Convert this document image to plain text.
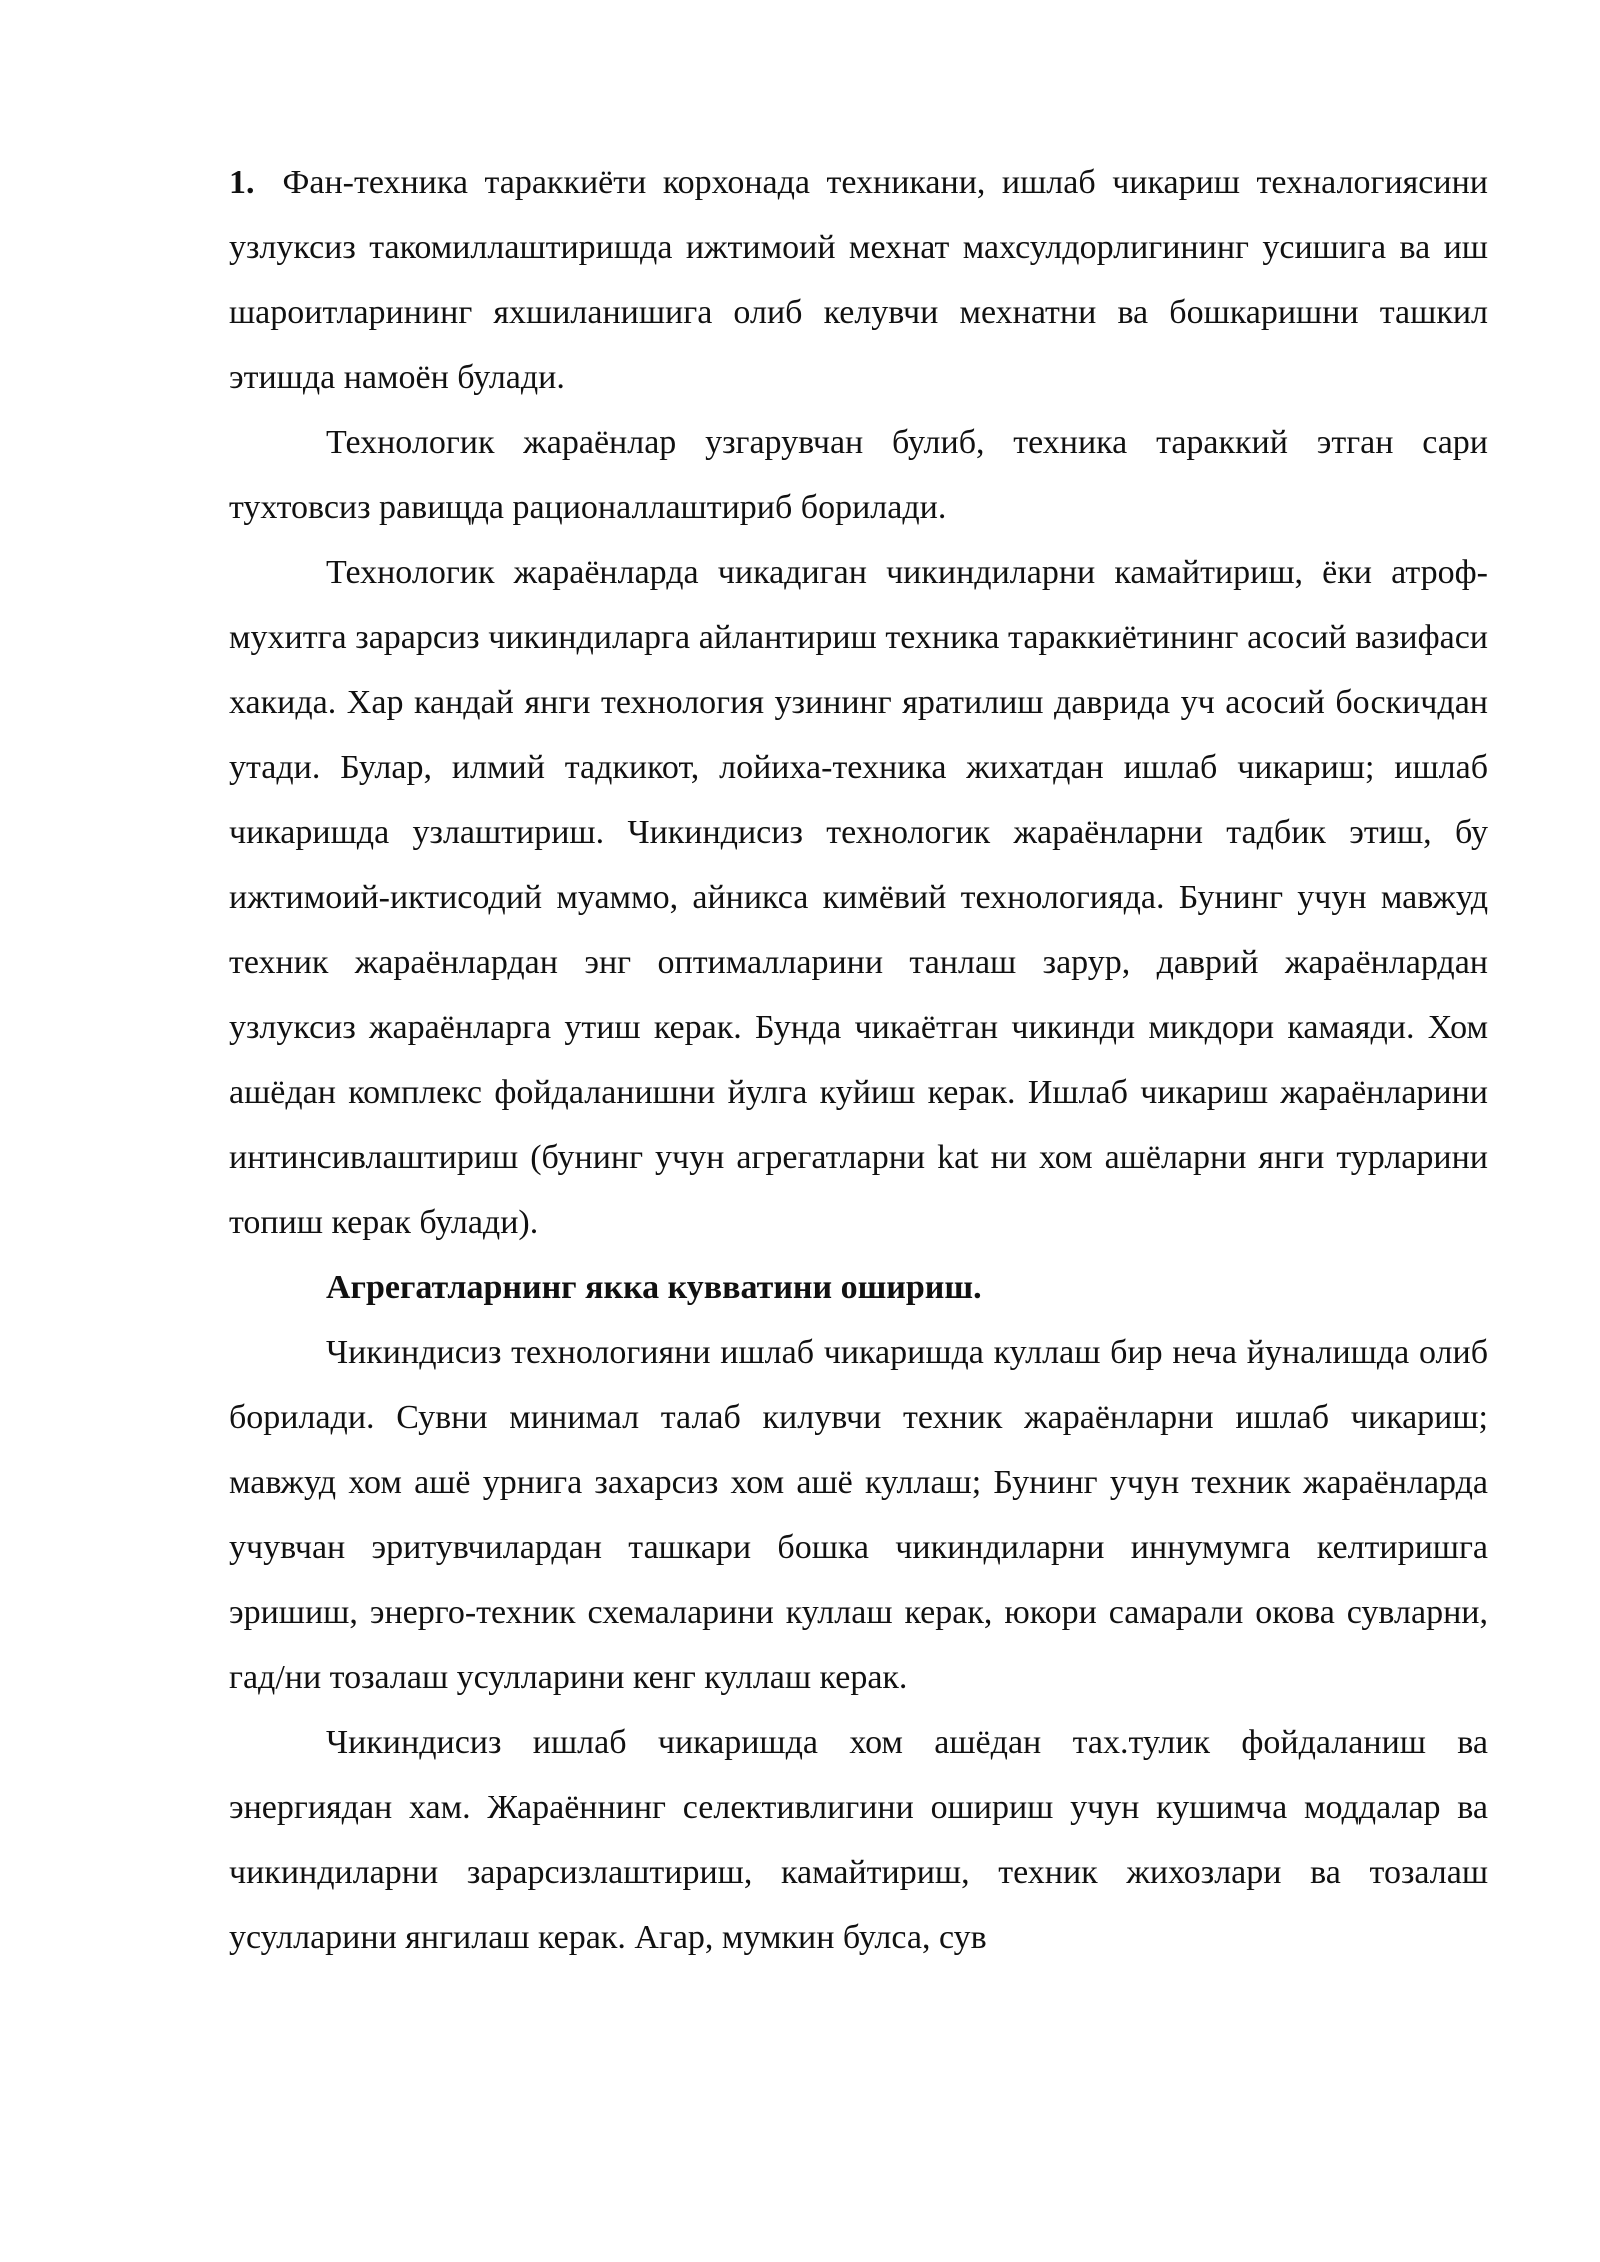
1. Фан-техника тараккиёти корхонада техникани, ишлаб чикариш техналогиясини узлуксиз такомиллаштиришда ижтимоий мехнат махсулдорлигининг усишига ва иш шароитларининг яхшиланишига олиб келувчи мехнатни ва бошкаришни ташкил этишда намоён булади.

Технологик жараёнлар узгарувчан булиб, техника тараккий этган сари тухтовсиз равищда рационаллаштириб борилади.

Технологик жараёнларда чикадиган чикиндиларни камайтириш, ёки атроф-мухитга зарарсиз чикиндиларга айлантириш техника тараккиётининг асосий вазифаси хакида. Хар кандай янги технология узининг яратилиш даврида уч асосий боскичдан утади. Булар, илмий тадкикот, лойиха-техника жихатдан ишлаб чикариш; ишлаб чикаришда узлаштириш. Чикиндисиз технологик жараёнларни тадбик этиш, бу ижтимоий-иктисодий муаммо, айникса кимёвий технологияда. Бунинг учун мавжуд техник жараёнлардан энг оптималларини танлаш зарур, даврий жараёнлардан узлуксиз жараёнларга утиш керак. Бунда чикаётган чикинди микдори камаяди. Хом ашёдан комплекс фойдаланишни йулга куйиш керак. Ишлаб чикариш жараёнларини интинсивлаштириш (бунинг учун агрегатларни kat ни хом ашёларни янги турларини топиш керак булади).

Агрегатларнинг якка кувватини ошириш.

Чикиндисиз технологияни ишлаб чикаришда куллаш бир неча йуналишда олиб борилади. Сувни минимал талаб килувчи техник жараёнларни ишлаб чикариш; мавжуд хом ашё урнига захарсиз хом ашё куллаш; Бунинг учун техник жараёнларда учувчан эритувчилардан ташкари бошка чикиндиларни иннумумга келтиришга эришиш, энерго-техник схемаларини куллаш керак, юкори самарали окова сувларни, гад/ни тозалаш усулларини кенг куллаш керак.

Чикиндисиз ишлаб чикаришда хом ашёдан тах.тулик фойдаланиш ва энергиядан хам. Жараённинг селективлигини ошириш учун кушимча моддалар ва чикиндиларни зарарсизлаштириш, камайтириш, техник жихозлари ва тозалаш усулларини янгилаш керак. Агар, мумкин булса, сув
